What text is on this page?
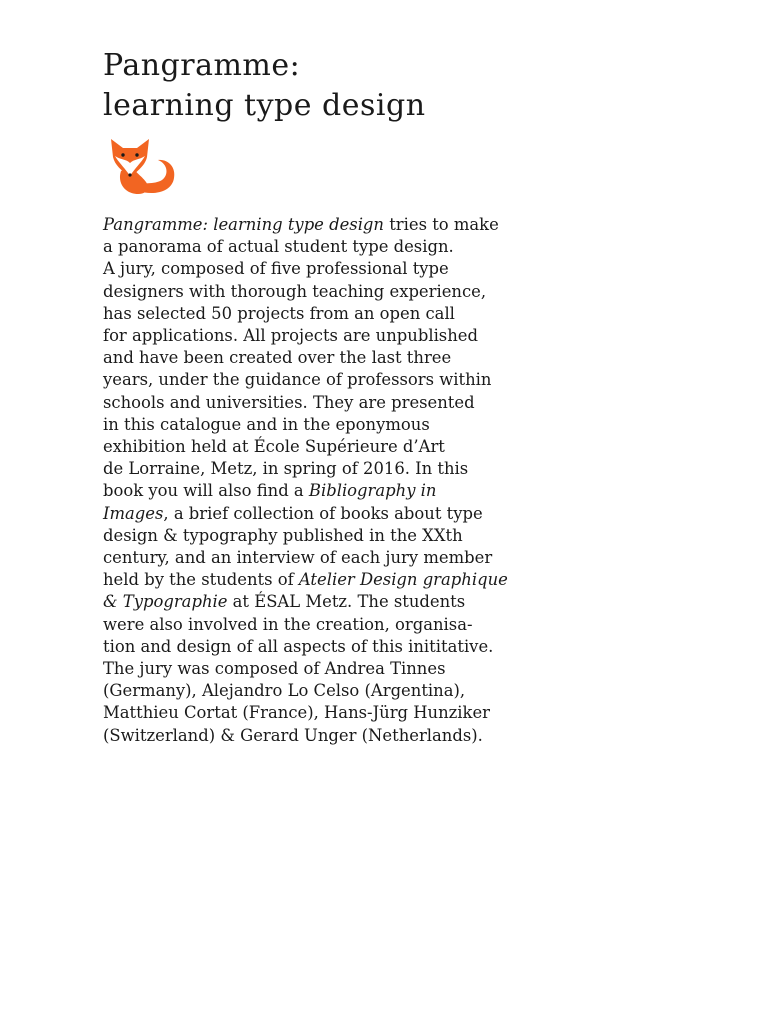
Pangramme:
learning type design

Pangramme: learning type design tries to make
a panorama of actual student type design.
A jury, composed of five professional type
designers with thorough teaching experience,
has selected 50 projects from an open call
for applications. All projects are unpublished
and have been created over the last three
years, under the guidance of professors within
schools and universities. They are presented
in this catalogue and in the eponymous
exhibition held at École Supérieure d’Art
de Lorraine, Metz, in spring of 2016. In this
book you will also find a Bibliography in
Images, a brief collection of books about type
design & typography published in the XXth
century, and an interview of each jury member
held by the students of Atelier Design graphique
& Typographie at ÉSAL Metz. The students
were also involved in the creation, organisa-
tion and design of all aspects of this inititative.
The jury was composed of Andrea Tinnes
(Germany), Alejandro Lo Celso (Argentina),
Matthieu Cortat (France), Hans-Jürg Hunziker
(Switzerland) & Gerard Unger (Netherlands).
